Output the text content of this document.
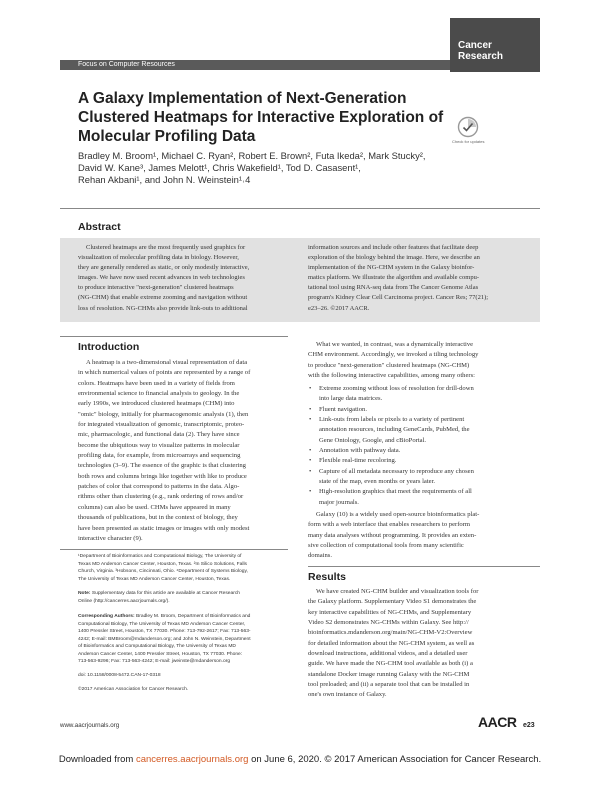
Focus on Computer Resources
Cancer Research
A Galaxy Implementation of Next-Generation Clustered Heatmaps for Interactive Exploration of Molecular Profiling Data	Check for updates
Bradley M. Broom¹, Michael C. Ryan², Robert E. Brown², Futa Ikeda², Mark Stucky²,
David W. Kane³, James Melott¹, Chris Wakefield¹, Tod D. Casasent¹,
Rehan Akbani¹, and John N. Weinstein¹˒4
Abstract
Clustered heatmaps are the most frequently used graphics for
visualization of molecular profiling data in biology. However,
they are generally rendered as static, or only modestly interactive,
images. We have now used recent advances in web technologies
to produce interactive "next-generation" clustered heatmaps
(NG-CHM) that enable extreme zooming and navigation without
loss of resolution. NG-CHMs also provide link-outs to additional
information sources and include other features that facilitate deep
exploration of the biology behind the image. Here, we describe an
implementation of the NG-CHM system in the Galaxy bioinfor-
matics platform. We illustrate the algorithm and available compu-
tational tool using RNA-seq data from The Cancer Genome Atlas
program's Kidney Clear Cell Carcinoma project. Cancer Res; 77(21);
e23–26. ©2017 AACR.
Introduction
A heatmap is a two-dimensional visual representation of data
in which numerical values of points are represented by a range of
colors. Heatmaps have been used in a variety of fields from
environmental science to financial analysis to geology. In the
early 1990s, we introduced clustered heatmaps (CHM) into
"omic" biology, initially for pharmacogenomic analysis (1), then
for integrated visualization of genomic, transcriptomic, proteo-
mic, pharmacologic, and functional data (2). They have since
become the ubiquitous way to visualize patterns in molecular
profiling data, for example, from microarrays and sequencing
technologies (3–9). The essence of the graphic is that clustering
both rows and columns brings like together with like to produce
patches of color that correspond to patterns in the data. Algo-
rithms other than clustering (e.g., rank ordering of rows and/or
columns) can also be used. CHMs have appeared in many
thousands of publications, but in the context of biology, they
have been presented as static images or images with only modest
interactive character (9).
¹Department of Bioinformatics and Computational Biology, The University of
Texas MD Anderson Cancer Center, Houston, Texas. ²In Silico Solutions, Falls
Church, Virginia. ³Hobsons, Cincinnati, Ohio. ⁴Department of Systems Biology,
The University of Texas MD Anderson Cancer Center, Houston, Texas.
Note: Supplementary data for this article are available at Cancer Research
Online (http://cancerres.aacrjournals.org/).
Corresponding Authors: Bradley M. Broom, Department of Bioinformatics and
Computational Biology, The University of Texas MD Anderson Cancer Center,
1400 Pressler Street, Houston, TX 77030. Phone: 713-792-2617; Fax: 713-563-
4242; E-mail: BMBroom@mdanderson.org; and John N. Weinstein, Department
of Bioinformatics and Computational Biology, The University of Texas MD
Anderson Cancer Center, 1400 Pressler Street, Houston, TX 77030. Phone:
713-563-9296; Fax: 713-563-4242; E-mail: jweinste@mdanderson.org
doi: 10.1158/0008-5472.CAN-17-0318
©2017 American Association for Cancer Research.
What we wanted, in contrast, was a dynamically interactive
CHM environment. Accordingly, we invoked a tiling technology
to produce "next-generation" clustered heatmaps (NG-CHM)
with the following interactive capabilities, among many others:
• Extreme zooming without loss of resolution for drill-down
into large data matrices.
• Fluent navigation.
• Link-outs from labels or pixels to a variety of pertinent
annotation resources, including GeneCards, PubMed, the
Gene Ontology, Google, and cBioPortal.
• Annotation with pathway data.
• Flexible real-time recoloring.
• Capture of all metadata necessary to reproduce any chosen
state of the map, even months or years later.
• High-resolution graphics that meet the requirements of all
major journals.
Galaxy (10) is a widely used open-source bioinformatics plat-
form with a web interface that enables researchers to perform
many data analyses without programming. It provides an exten-
sive collection of computational tools from many scientific
domains.
Results
We have created NG-CHM builder and visualization tools for
the Galaxy platform. Supplementary Video S1 demonstrates the
key interactive capabilities of NG-CHMs, and Supplementary
Video S2 demonstrates NG-CHMs within Galaxy. See http://
bioinformatics.mdanderson.org/main/NG-CHM-V2:Overview
for detailed information about the NG-CHM system, as well as
download instructions, additional videos, and a detailed user
guide. We have made the NG-CHM tool available as both (i) a
standalone Docker image running Galaxy with the NG-CHM
tool preloaded; and (ii) a separate tool that can be installed in
one's own instance of Galaxy.
www.aacrjournals.org	AACR e23
Downloaded from cancerres.aacrjournals.org on June 6, 2020. © 2017 American Association for Cancer Research.
